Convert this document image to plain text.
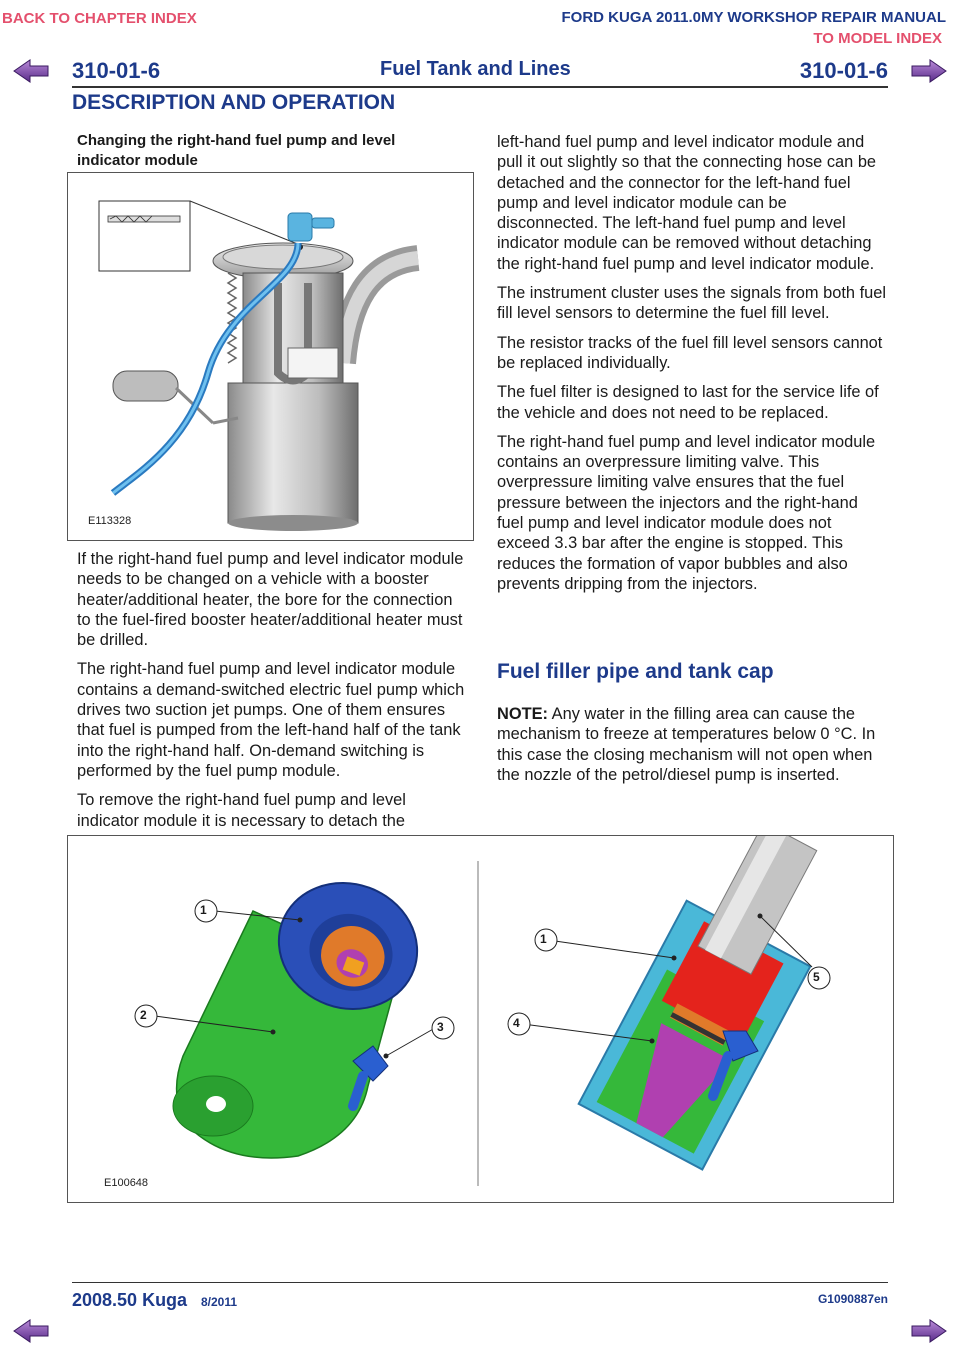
BACK TO CHAPTER INDEX	FORD KUGA 2011.0MY WORKSHOP REPAIR MANUAL
TO MODEL INDEX
310-01-6	Fuel Tank and Lines	310-01-6
DESCRIPTION AND OPERATION
Changing the right-hand fuel pump and level indicator module
E113328

If the right-hand fuel pump and level indicator module needs to be changed on a vehicle with a booster heater/additional heater, the bore for the connection to the fuel-fired booster heater/additional heater must be drilled.

The right-hand fuel pump and level indicator module contains a demand-switched electric fuel pump which drives two suction jet pumps. One of them ensures that fuel is pumped from the left-hand half of the tank into the right-hand half. On-demand switching is performed by the fuel pump module.

To remove the right-hand fuel pump and level indicator module it is necessary to detach the

left-hand fuel pump and level indicator module and pull it out slightly so that the connecting hose can be detached and the connector for the left-hand fuel pump and level indicator module can be disconnected. The left-hand fuel pump and level indicator module can be removed without detaching the right-hand fuel pump and level indicator module.

The instrument cluster uses the signals from both fuel fill level sensors to determine the fuel fill level.

The resistor tracks of the fuel fill level sensors cannot be replaced individually.

The fuel filter is designed to last for the service life of the vehicle and does not need to be replaced.

The right-hand fuel pump and level indicator module contains an overpressure limiting valve. This overpressure limiting valve ensures that the fuel pressure between the injectors and the right-hand fuel pump and level indicator module does not exceed 3.3 bar after the engine is stopped. This reduces the formation of vapor bubbles and also prevents dripping from the injectors.

Fuel filler pipe and tank cap

NOTE: Any water in the filling area can cause the mechanism to freeze at temperatures below 0 °C. In this case the closing mechanism will not open when the nozzle of the petrol/diesel pump is inserted.

1
2
3
1
4
5
E100648
2008.50 Kuga 8/2011	G1090887en
